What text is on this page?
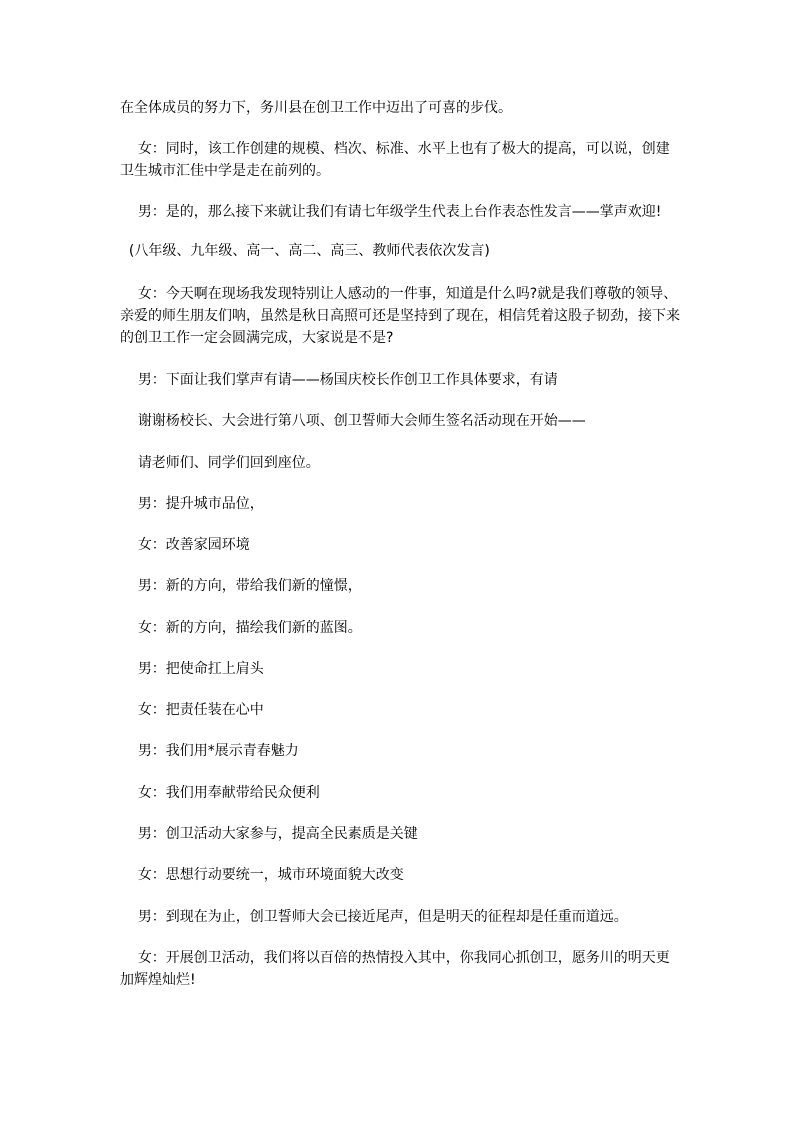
在全体成员的努力下，务川县在创卫工作中迈出了可喜的步伐。

女：同时，该工作创建的规模、档次、标准、水平上也有了极大的提高，可以说，创建卫生城市汇佳中学是走在前列的。

男：是的，那么接下来就让我们有请七年级学生代表上台作表态性发言——掌声欢迎!

(八年级、九年级、高一、高二、高三、教师代表依次发言)

女：今天啊在现场我发现特别让人感动的一件事，知道是什么吗?就是我们尊敬的领导、亲爱的师生朋友们呐，虽然是秋日高照可还是坚持到了现在，相信凭着这股子韧劲，接下来的创卫工作一定会圆满完成，大家说是不是?

男：下面让我们掌声有请——杨国庆校长作创卫工作具体要求，有请

谢谢杨校长、大会进行第八项、创卫誓师大会师生签名活动现在开始——

请老师们、同学们回到座位。

男：提升城市品位，

女：改善家园环境

男：新的方向，带给我们新的憧憬，

女：新的方向，描绘我们新的蓝图。

男：把使命扛上肩头

女：把责任装在心中

男：我们用*展示青春魅力

女：我们用奉献带给民众便利

男：创卫活动大家参与，提高全民素质是关键

女：思想行动要统一，城市环境面貌大改变

男：到现在为止，创卫誓师大会已接近尾声，但是明天的征程却是任重而道远。

女：开展创卫活动，我们将以百倍的热情投入其中，你我同心抓创卫，愿务川的明天更加辉煌灿烂!
